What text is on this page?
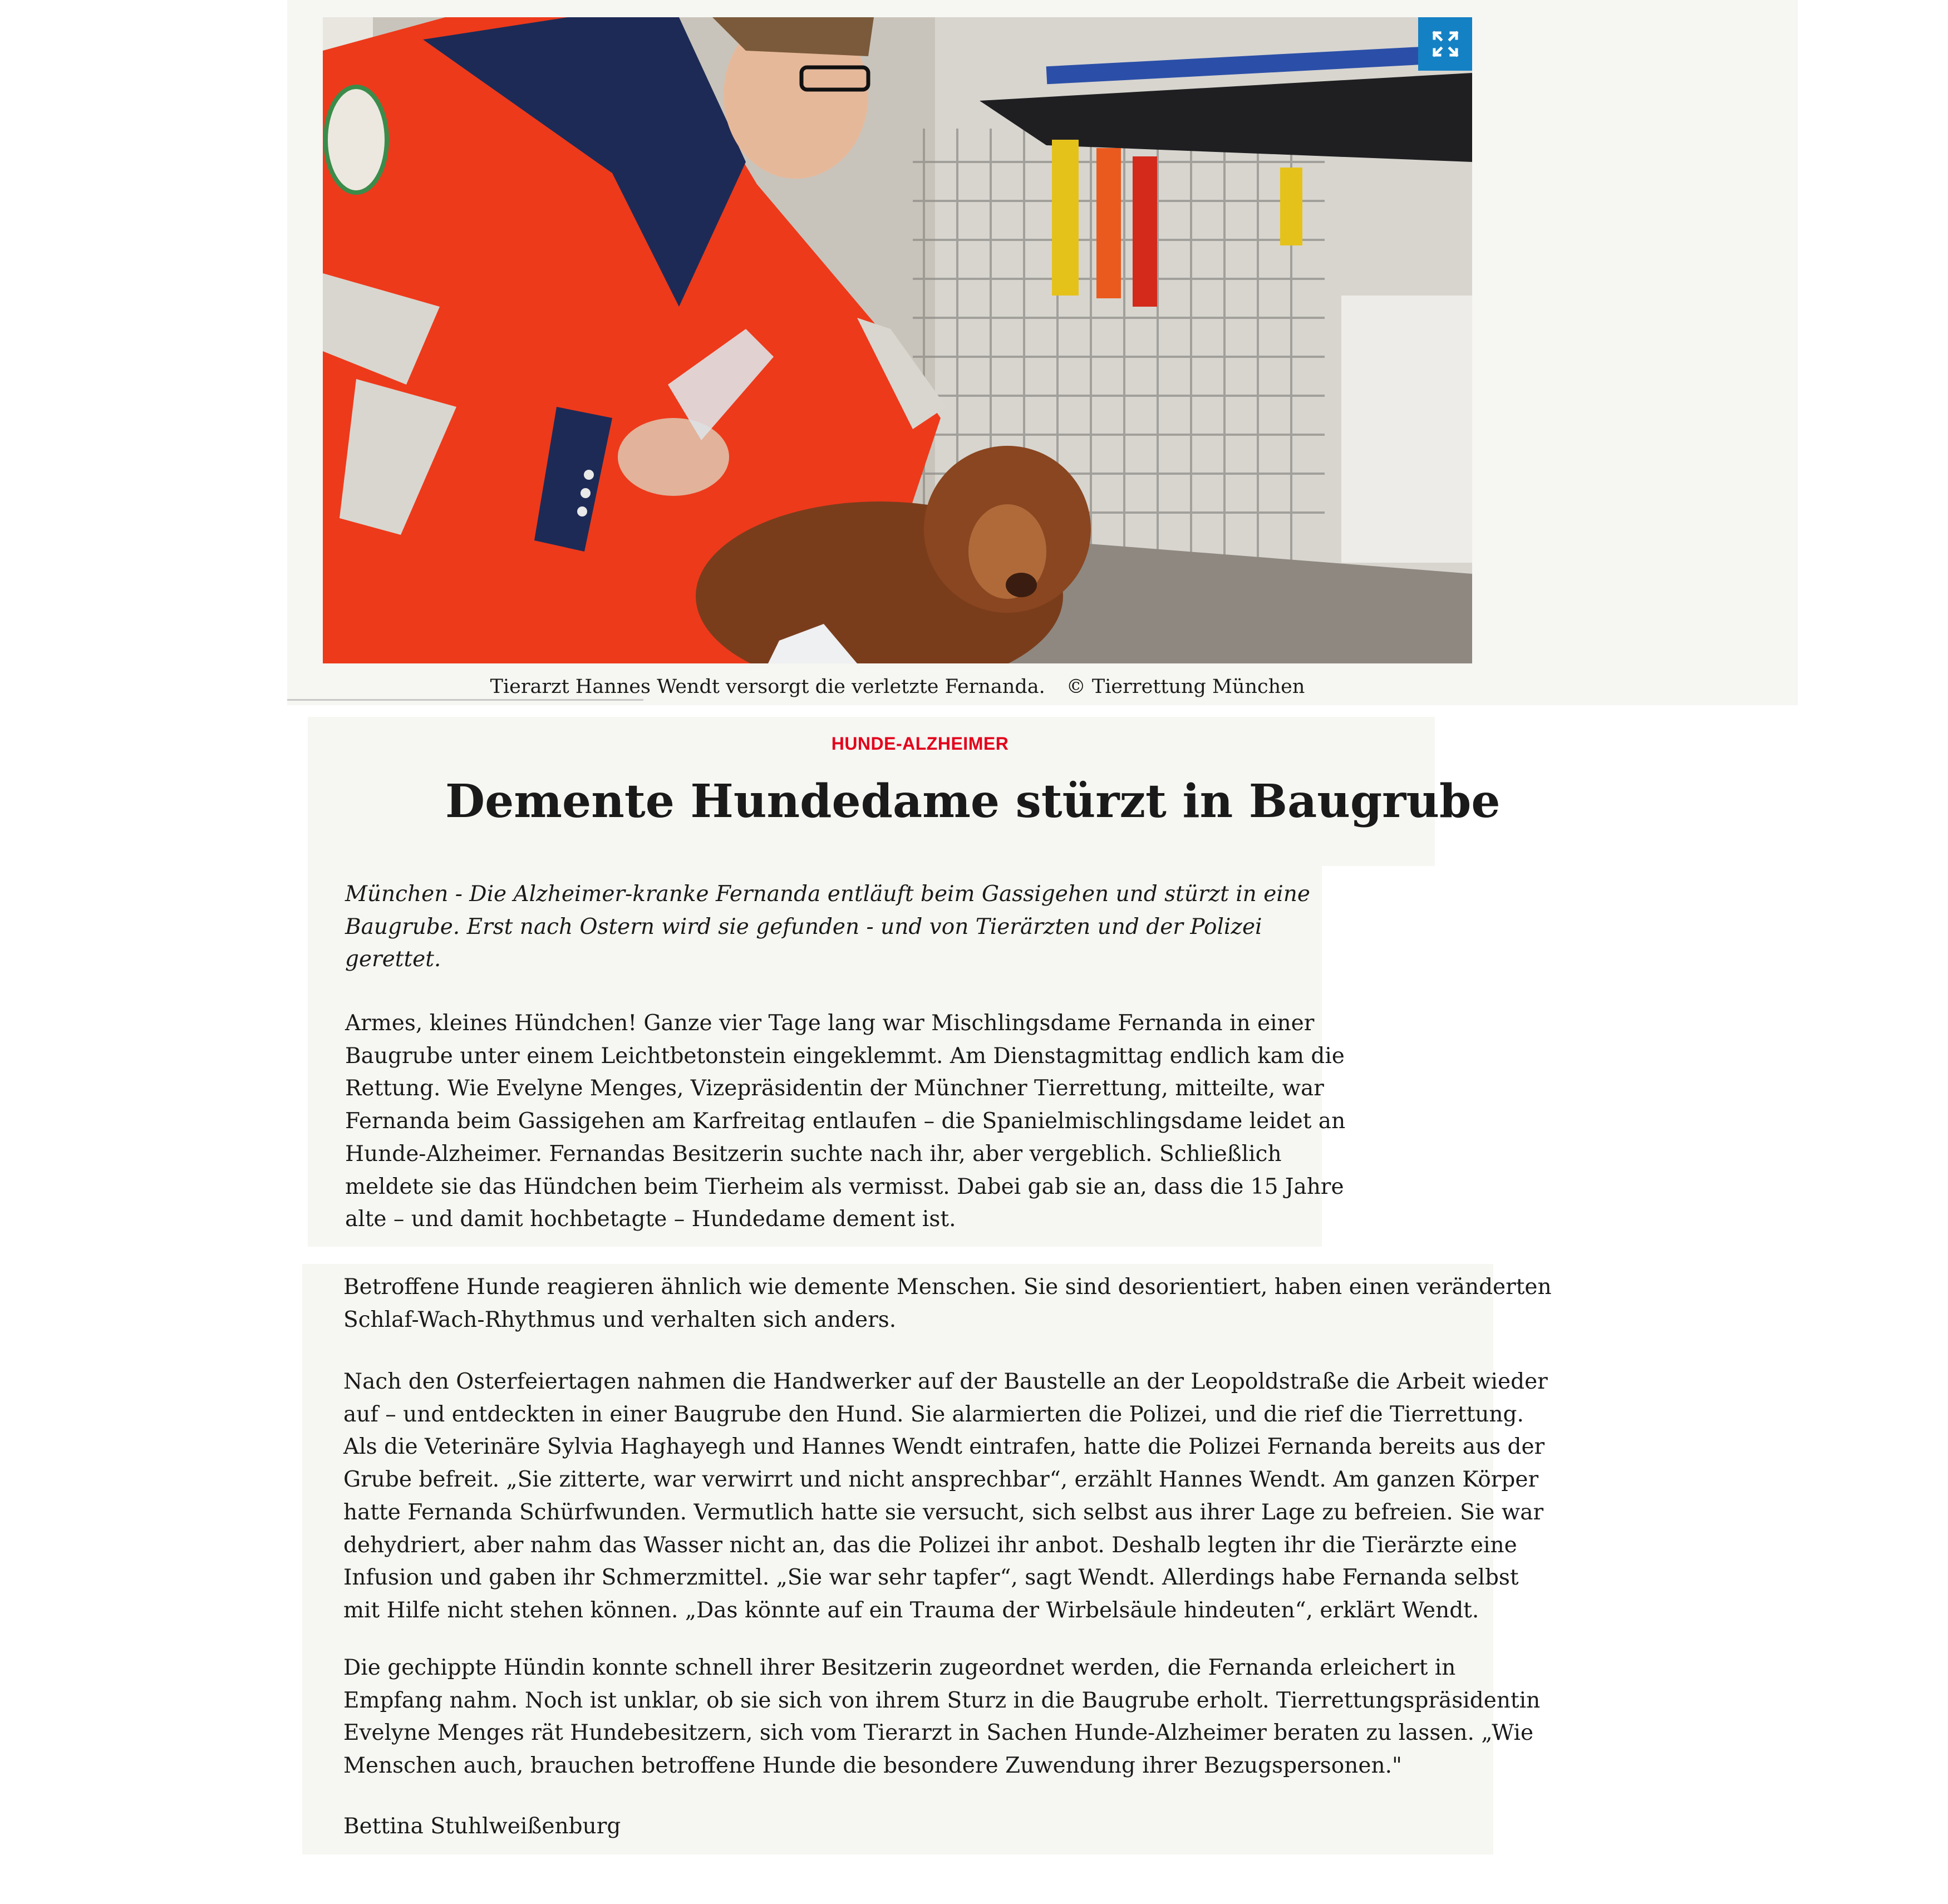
Tierarzt Hannes Wendt versorgt die verletzte Fernanda. © Tierrettung München
HUNDE-ALZHEIMER
Demente Hundedame stürzt in Baugrube

München - Die Alzheimer-kranke Fernanda entläuft beim Gassigehen und stürzt in eine
Baugrube. Erst nach Ostern wird sie gefunden - und von Tierärzten und der Polizei
gerettet.

Armes, kleines Hündchen! Ganze vier Tage lang war Mischlingsdame Fernanda in einer
Baugrube unter einem Leichtbetonstein eingeklemmt. Am Dienstagmittag endlich kam die
Rettung. Wie Evelyne Menges, Vizepräsidentin der Münchner Tierrettung, mitteilte, war
Fernanda beim Gassigehen am Karfreitag entlaufen – die Spanielmischlingsdame leidet an
Hunde-Alzheimer. Fernandas Besitzerin suchte nach ihr, aber vergeblich. Schließlich
meldete sie das Hündchen beim Tierheim als vermisst. Dabei gab sie an, dass die 15 Jahre
alte – und damit hochbetagte – Hundedame dement ist.

Betroffene Hunde reagieren ähnlich wie demente Menschen. Sie sind desorientiert, haben einen veränderten
Schlaf-Wach-Rhythmus und verhalten sich anders.

Nach den Osterfeiertagen nahmen die Handwerker auf der Baustelle an der Leopoldstraße die Arbeit wieder
auf – und entdeckten in einer Baugrube den Hund. Sie alarmierten die Polizei, und die rief die Tierrettung.
Als die Veterinäre Sylvia Haghayegh und Hannes Wendt eintrafen, hatte die Polizei Fernanda bereits aus der
Grube befreit. „Sie zitterte, war verwirrt und nicht ansprechbar“, erzählt Hannes Wendt. Am ganzen Körper
hatte Fernanda Schürfwunden. Vermutlich hatte sie versucht, sich selbst aus ihrer Lage zu befreien. Sie war
dehydriert, aber nahm das Wasser nicht an, das die Polizei ihr anbot. Deshalb legten ihr die Tierärzte eine
Infusion und gaben ihr Schmerzmittel. „Sie war sehr tapfer“, sagt Wendt. Allerdings habe Fernanda selbst
mit Hilfe nicht stehen können. „Das könnte auf ein Trauma der Wirbelsäule hindeuten“, erklärt Wendt.

Die gechippte Hündin konnte schnell ihrer Besitzerin zugeordnet werden, die Fernanda erleichert in
Empfang nahm. Noch ist unklar, ob sie sich von ihrem Sturz in die Baugrube erholt. Tierrettungspräsidentin
Evelyne Menges rät Hundebesitzern, sich vom Tierarzt in Sachen Hunde-Alzheimer beraten zu lassen. „Wie
Menschen auch, brauchen betroffene Hunde die besondere Zuwendung ihrer Bezugspersonen."

Bettina Stuhlweißenburg
